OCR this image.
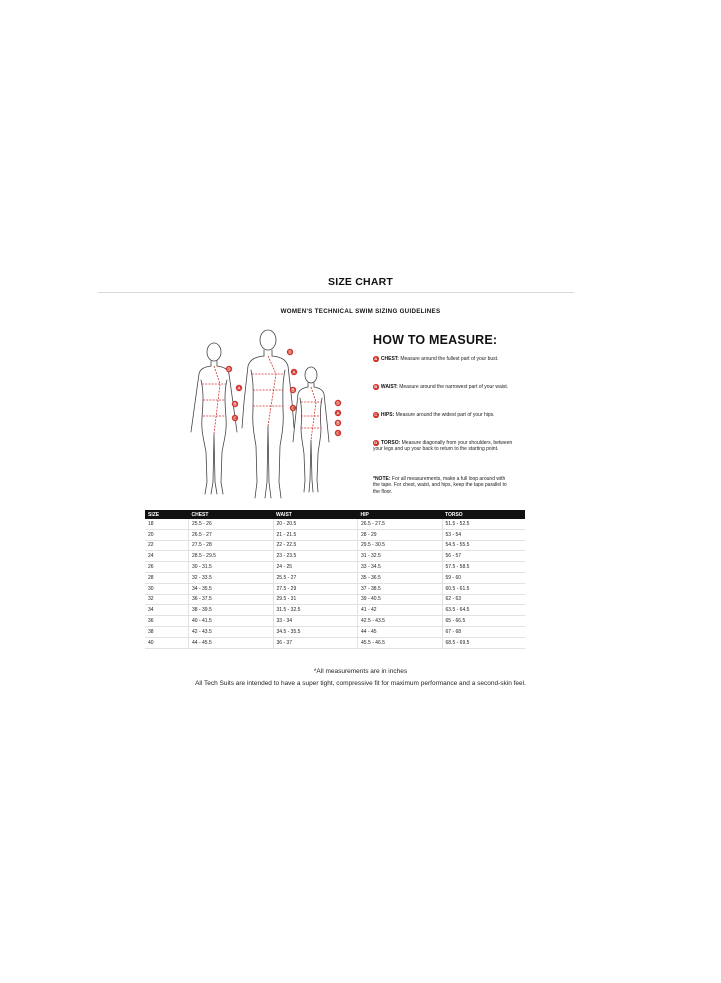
SIZE CHART
WOMEN'S TECHNICAL SWIM SIZING GUIDELINES
D
A
B
C
D
A
B
C
D
A
B
C
HOW TO MEASURE:
A CHEST: Measure around the fullest part of your bust.
B WAIST: Measure around the narrowest part of your waist.
C HIPS: Measure around the widest part of your hips.
D TORSO: Measure diagonally from your shoulders, between your legs and up your back to return to the starting point.
*NOTE: For all measurements, make a full loop around with the tape. For chest, waist, and hips, keep the tape parallel to the floor.
SIZE	CHEST	WAIST	HIP	TORSO
18	25.5 - 26	20 - 20.5	26.5 - 27.5	51.5 - 52.5
20	26.5 - 27	21 - 21.5	28 - 29	53 - 54
22	27.5 - 28	22 - 22.5	29.5 - 30.5	54.5 - 55.5
24	28.5 - 29.5	23 - 23.5	31 - 32.5	56 - 57
26	30 - 31.5	24 - 25	33 - 34.5	57.5 - 58.5
28	32 - 33.5	25.5 - 27	35 - 36.5	59 - 60
30	34 - 35.5	27.5 - 29	37 - 38.5	60.5 - 61.5
32	36 - 37.5	29.5 - 31	39 - 40.5	62 - 63
34	38 - 39.5	31.5 - 32.5	41 - 42	63.5 - 64.5
36	40 - 41.5	33 - 34	42.5 - 43.5	65 - 66.5
38	42 - 43.5	34.5 - 35.5	44 - 45	67 - 68
40	44 - 45.5	36 - 37	45.5 - 46.5	68.5 - 69.5
*All measurements are in inches
All Tech Suits are intended to have a super tight, compressive fit for maximum performance and a second-skin feel.
